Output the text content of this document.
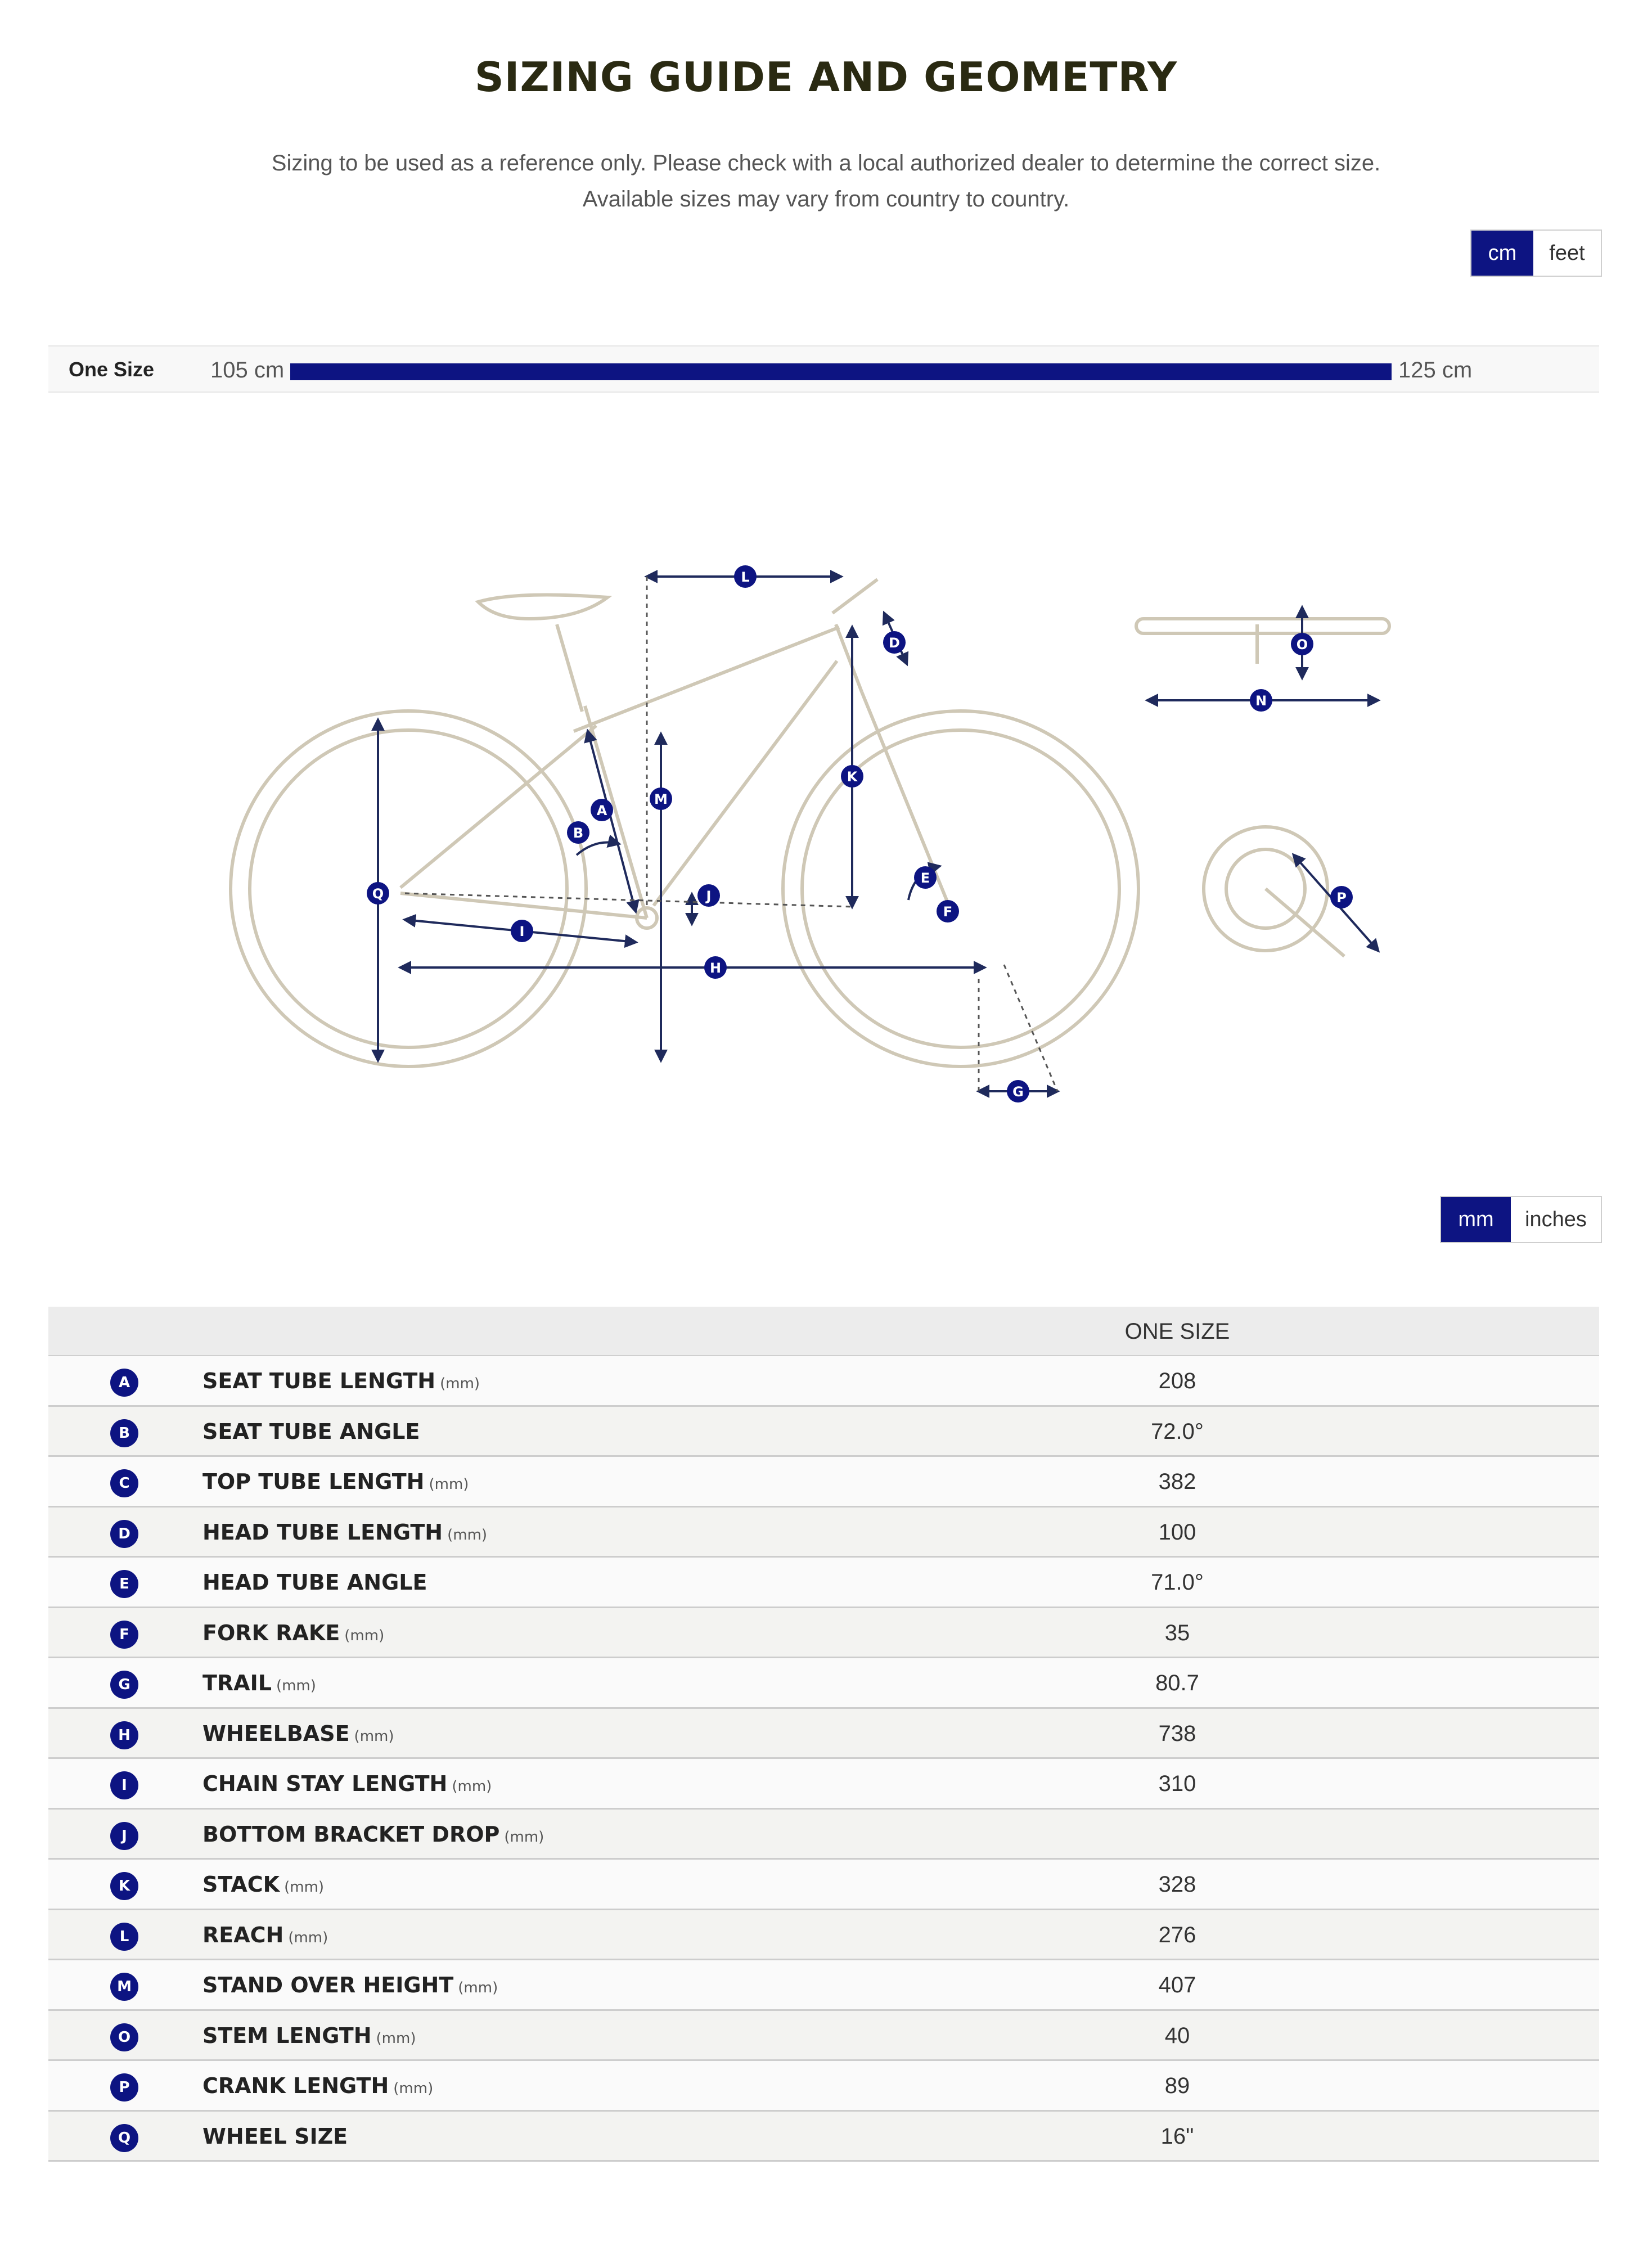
SIZING GUIDE AND GEOMETRY
Sizing to be used as a reference only. Please check with a local authorized dealer to determine the correct size.
Available sizes may vary from country to country.
cm	feet
One Size 105 cm	125 cm
A
B
D
E
F
G
H
I
J
K
L
M
N
O
P
Q
mm	inches
ONE SIZE
A	SEAT TUBE LENGTH (mm)	208
B	SEAT TUBE ANGLE	72.0°
C	TOP TUBE LENGTH (mm)	382
D	HEAD TUBE LENGTH (mm)	100
E	HEAD TUBE ANGLE	71.0°
F	FORK RAKE (mm)	35
G	TRAIL (mm)	80.7
H	WHEELBASE (mm)	738
I	CHAIN STAY LENGTH (mm)	310
J	BOTTOM BRACKET DROP (mm)
K	STACK (mm)	328
L	REACH (mm)	276
M	STAND OVER HEIGHT (mm)	407
O	STEM LENGTH (mm)	40
P	CRANK LENGTH (mm)	89
Q	WHEEL SIZE	16"
